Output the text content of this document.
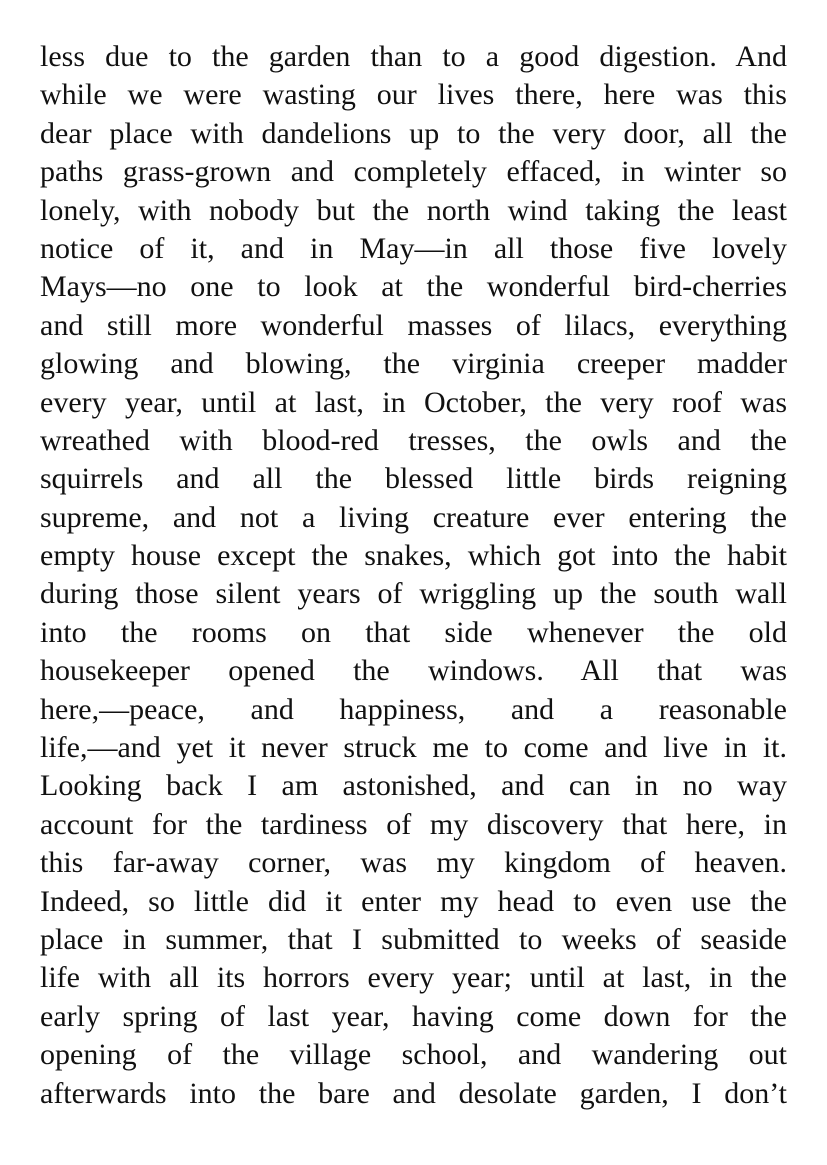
less due to the garden than to a good digestion. And
while we were wasting our lives there, here was this
dear place with dandelions up to the very door, all the
paths grass-grown and completely effaced, in winter so
lonely, with nobody but the north wind taking the least
notice of it, and in May—in all those five lovely
Mays—no one to look at the wonderful bird-cherries
and still more wonderful masses of lilacs, everything
glowing and blowing, the virginia creeper madder
every year, until at last, in October, the very roof was
wreathed with blood-red tresses, the owls and the
squirrels and all the blessed little birds reigning
supreme, and not a living creature ever entering the
empty house except the snakes, which got into the habit
during those silent years of wriggling up the south wall
into the rooms on that side whenever the old
housekeeper opened the windows. All that was
here,—peace, and happiness, and a reasonable
life,—and yet it never struck me to come and live in it.
Looking back I am astonished, and can in no way
account for the tardiness of my discovery that here, in
this far-away corner, was my kingdom of heaven.
Indeed, so little did it enter my head to even use the
place in summer, that I submitted to weeks of seaside
life with all its horrors every year; until at last, in the
early spring of last year, having come down for the
opening of the village school, and wandering out
afterwards into the bare and desolate garden, I don’t
